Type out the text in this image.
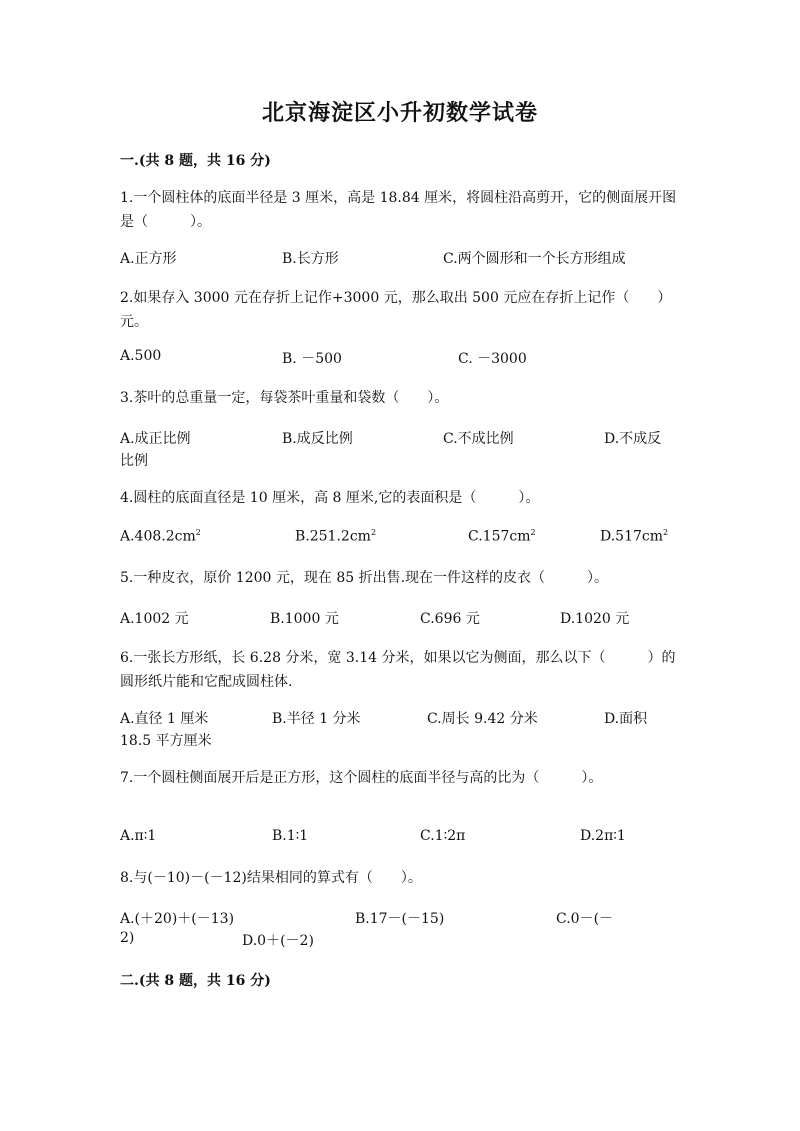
北京海淀区小升初数学试卷
一.(共 8 题，共 16 分)
1.一个圆柱体的底面半径是 3 厘米，高是 18.84 厘米，将圆柱沿高剪开，它的侧面展开图是（　　　）。
A.正方形	B.长方形	C.两个圆形和一个长方形组成
2.如果存入 3000 元在存折上记作+3000 元，那么取出 500 元应在存折上记作（　　）元。
A.500	B. －500	C. －3000
3.茶叶的总重量一定，每袋茶叶重量和袋数（　　）。
A.成正比例	B.成反比例	C.不成比例	D.不成反
比例
4.圆柱的底面直径是 10 厘米，高 8 厘米,它的表面积是（　　　）。
$A.408.2cm^2$	$B.251.2cm^2$	$C.157cm^2$	$D.517cm^2$
5.一种皮衣，原价 1200 元，现在 85 折出售.现在一件这样的皮衣（　　　）。
A.1002 元	B.1000 元	C.696 元	D.1020 元
6.一张长方形纸，长 6.28 分米，宽 3.14 分米，如果以它为侧面，那么以下（　　　）的圆形纸片能和它配成圆柱体.
A.直径 1 厘米	B.半径 1 分米	C.周长 9.42 分米	D.面积
18.5 平方厘米
7.一个圆柱侧面展开后是正方形，这个圆柱的底面半径与高的比为（　　　）。
A.π∶1	B.1∶1	C.1∶2π	D.2π∶1
8.与(－10)－(－12)结果相同的算式有（　　）。
A.(＋20)＋(－13)	B.17－(－15)	C.0－(－
2)	D.0＋(－2)
二.(共 8 题，共 16 分)
